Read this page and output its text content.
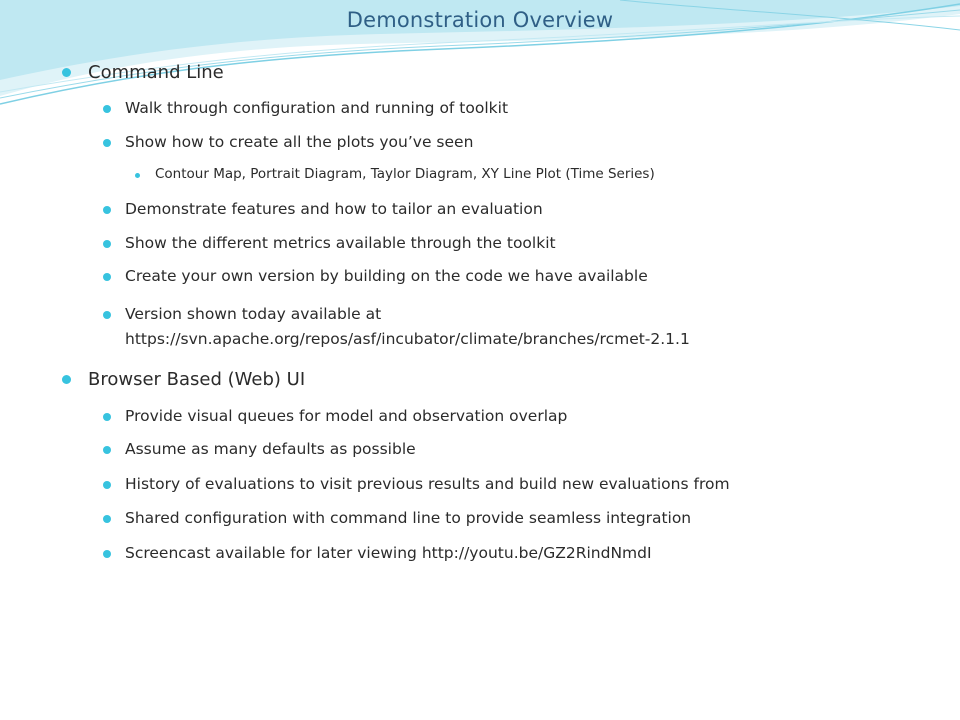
Demonstration Overview
Command Line
Walk through configuration and running of toolkit
Show how to create all the plots you’ve seen
Contour Map, Portrait Diagram, Taylor Diagram, XY Line Plot (Time Series)
Demonstrate features and how to tailor an evaluation
Show the different metrics available through the toolkit
Create your own version by building on the code we have available
Version shown today available at
https://svn.apache.org/repos/asf/incubator/climate/branches/rcmet-2.1.1
Browser Based (Web) UI
Provide visual queues for model and observation overlap
Assume as many defaults as possible
History of evaluations to visit previous results and build new evaluations from
Shared configuration with command line to provide seamless integration
Screencast available for later viewing http://youtu.be/GZ2RindNmdI
